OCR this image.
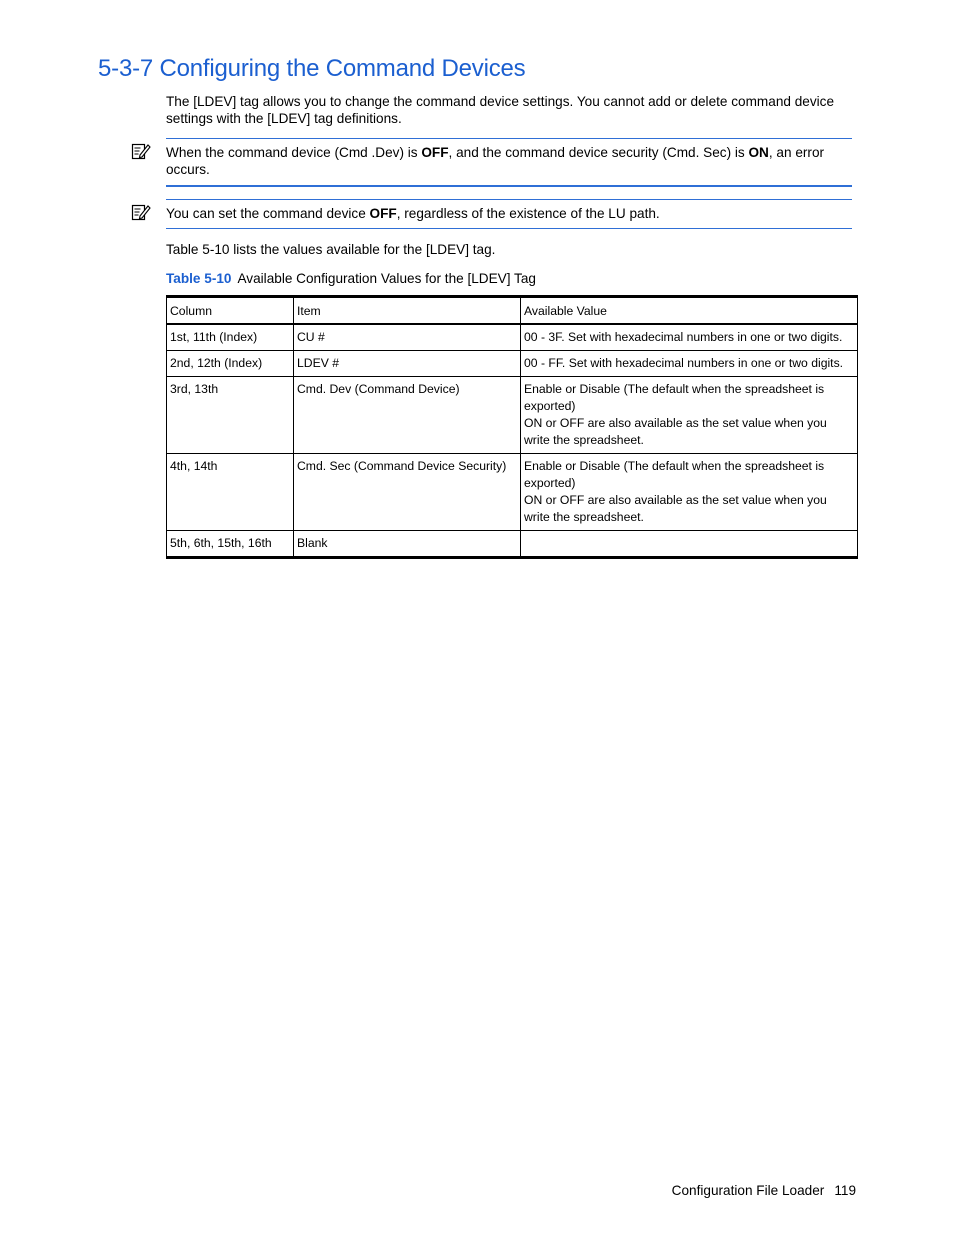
5-3-7 Configuring the Command Devices
The [LDEV] tag allows you to change the command device settings. You cannot add or delete command device settings with the [LDEV] tag definitions.
When the command device (Cmd .Dev) is OFF, and the command device security (Cmd. Sec) is ON, an error occurs.
You can set the command device OFF, regardless of the existence of the LU path.
Table 5-10 lists the values available for the [LDEV] tag.
Table 5-10 Available Configuration Values for the [LDEV] Tag
Column	Item	Available Value
1st, 11th (Index)	CU #	00 - 3F. Set with hexadecimal numbers in one or two digits.
2nd, 12th (Index)	LDEV #	00 - FF. Set with hexadecimal numbers in one or two digits.
3rd, 13th	Cmd. Dev (Command Device)	Enable or Disable (The default when the spreadsheet is exported)
ON or OFF are also available as the set value when you write the spreadsheet.

4th, 14th	Cmd. Sec (Command Device Security)	Enable or Disable (The default when the spreadsheet is exported)
ON or OFF are also available as the set value when you write the spreadsheet.

5th, 6th, 15th, 16th	Blank	
Configuration File Loader 119
